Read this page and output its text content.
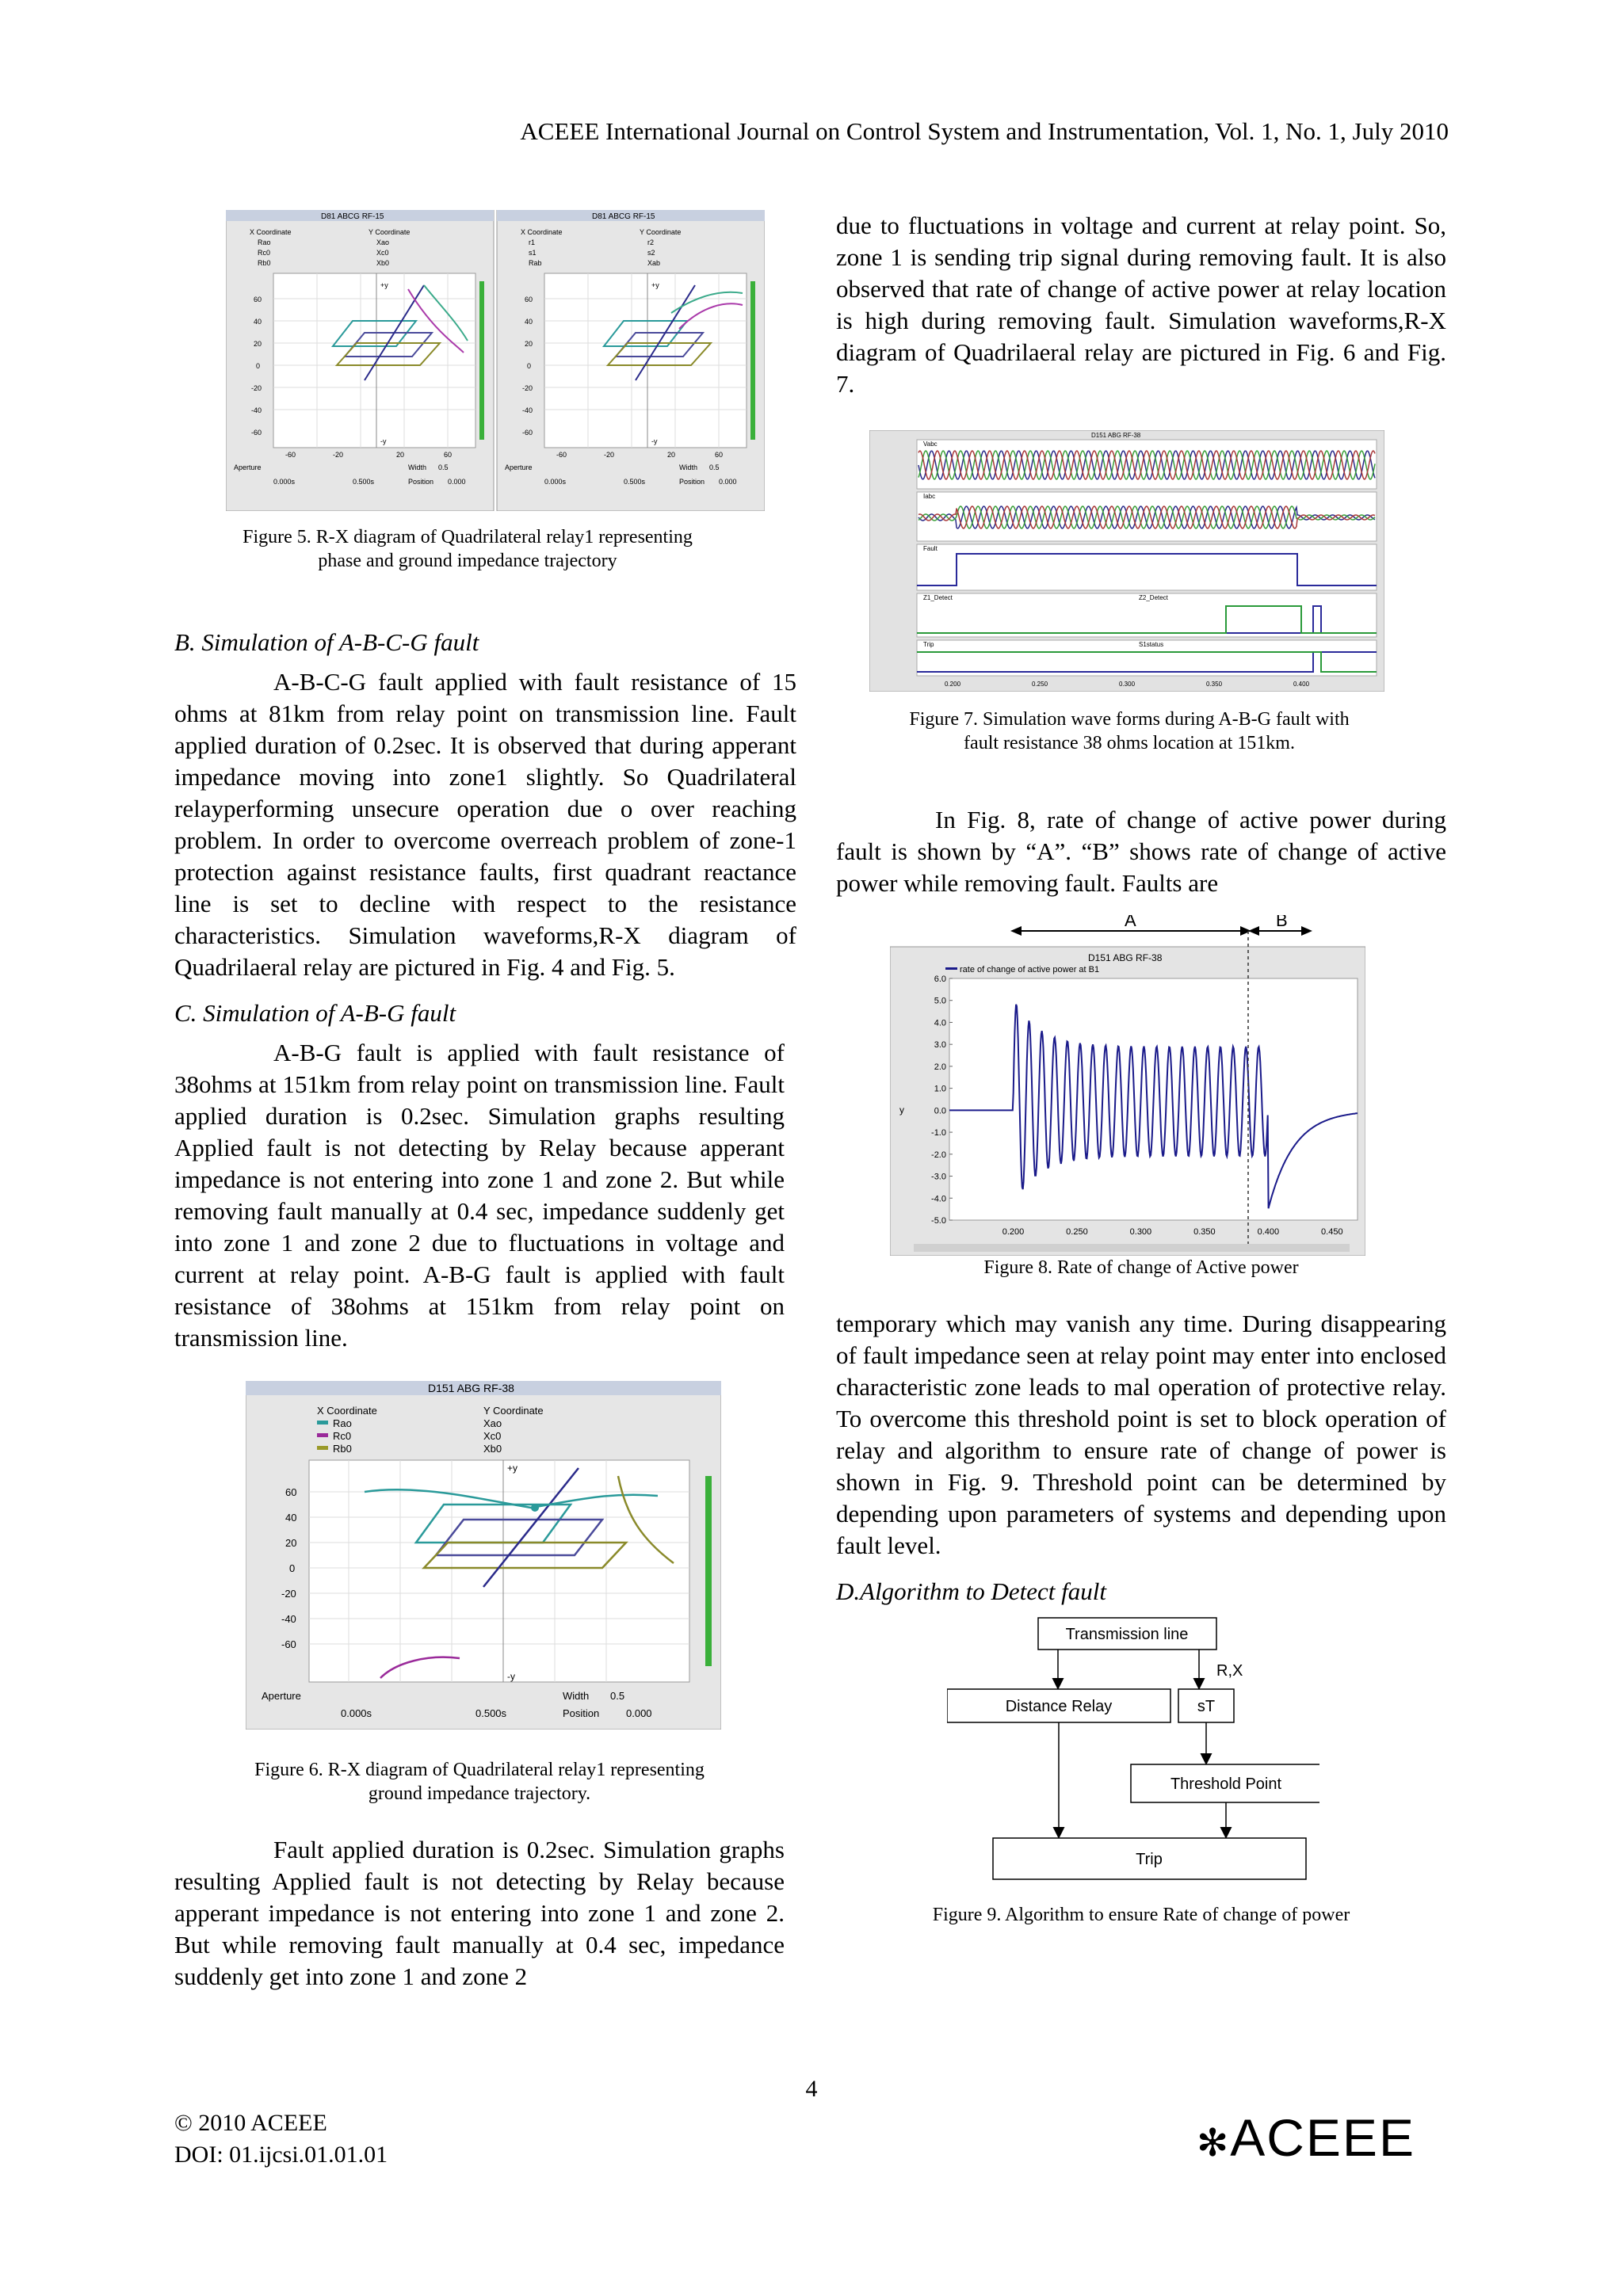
ACEEE International Journal on Control System and Instrumentation, Vol. 1, No. 1, July 2010
D81 ABCG RF-15
X Coordinate	Y Coordinate
Rao	Xao
Rc0	Xc0
Rb0	Xb0
+y
-y
60
40
20
0
-20
-40
-60
-60	-20	20	60
Aperture	Width 0.5
0.000s	0.500s	Position 0.000
D81 ABCG RF-15
X Coordinate	Y Coordinate
r1	r2
s1	s2
Rab	Xab
+y
-y
60
40
20
0
-20
-40
-60
-60	-20	20	60
Aperture	Width 0.5
0.000s	0.500s	Position 0.000
Figure 5. R-X diagram of Quadrilateral relay1 representing
phase and ground impedance trajectory

B. Simulation of A-B-C-G fault

A-B-C-G fault applied with fault resistance of 15 ohms at 81km from relay point on transmission line. Fault applied duration of 0.2sec. It is observed that during apperant impedance moving into zone1 slightly. So Quadrilateral relayperforming unsecure operation due o over reaching problem. In order to overcome overreach problem of zone-1 protection against resistance faults, first quadrant reactance line is set to decline with respect to the resistance characteristics. Simulation waveforms,R-X diagram of Quadrilaeral relay are pictured in Fig. 4 and Fig. 5.

C. Simulation of A-B-G fault

A-B-G fault is applied with fault resistance of 38ohms at 151km from relay point on transmission line. Fault applied duration is 0.2sec. Simulation graphs resulting Applied fault is not detecting by Relay because apperant impedance is not entering into zone 1 and zone 2. But while removing fault manually at 0.4 sec, impedance suddenly get into zone 1 and zone 2 due to fluctuations in voltage and current at relay point. A-B-G fault is applied with fault resistance of 38ohms at 151km from relay point on transmission line.

D151 ABG RF-38
X Coordinate	Y Coordinate
Rao	Xao
Rc0	Xc0
Rb0	Xb0
+y
-y
60
40
20
0
-20
-40
-60
Aperture	Width 0.5
0.000s	0.500s	Position	0.000
Figure 6. R-X diagram of Quadrilateral relay1 representing
ground impedance trajectory.

Fault applied duration is 0.2sec. Simulation graphs resulting Applied fault is not detecting by Relay because apperant impedance is not entering into zone 1 and zone 2. But while removing fault manually at 0.4 sec, impedance suddenly get into zone 1 and zone 2

due to fluctuations in voltage and current at relay point. So, zone 1 is sending trip signal during removing fault. It is also observed that rate of change of active power at relay location is high during removing fault. Simulation waveforms,R-X diagram of Quadrilaeral relay are pictured in Fig. 6 and Fig. 7.

D151 ABG RF-38
Vabc
Iabc
Fault
Z1_Detect	Z2_Detect
Trip	S1status
0.200	0.250	0.300	0.350	0.400
Figure 7. Simulation wave forms during A-B-G fault with
fault resistance 38 ohms location at 151km.

In Fig. 8, rate of change of active power during fault is shown by “A”. “B” shows rate of change of active power while removing fault. Faults are

A	B
D151 ABG RF-38
rate of change of active power at B1
y
6.0
5.0
4.0
3.0
2.0
1.0
0.0
-1.0
-2.0
-3.0
-4.0
-5.0
0.200	0.250	0.300	0.350	0.400	0.450
Figure 8. Rate of change of Active power

temporary which may vanish any time. During disappearing of fault impedance seen at relay point may enter into enclosed characteristic zone leads to mal operation of protective relay. To overcome this threshold point is set to block operation of relay and algorithm to ensure rate of change of power is shown in Fig. 9. Threshold point can be determined by depending upon parameters of systems and depending upon fault level.

D.Algorithm to Detect fault

Transmission line
R,X
Distance Relay	sT
Threshold Point
Trip
Figure 9. Algorithm to ensure Rate of change of power
4
© 2010 ACEEE
DOI: 01.ijcsi.01.01.01	✻ACEEE
